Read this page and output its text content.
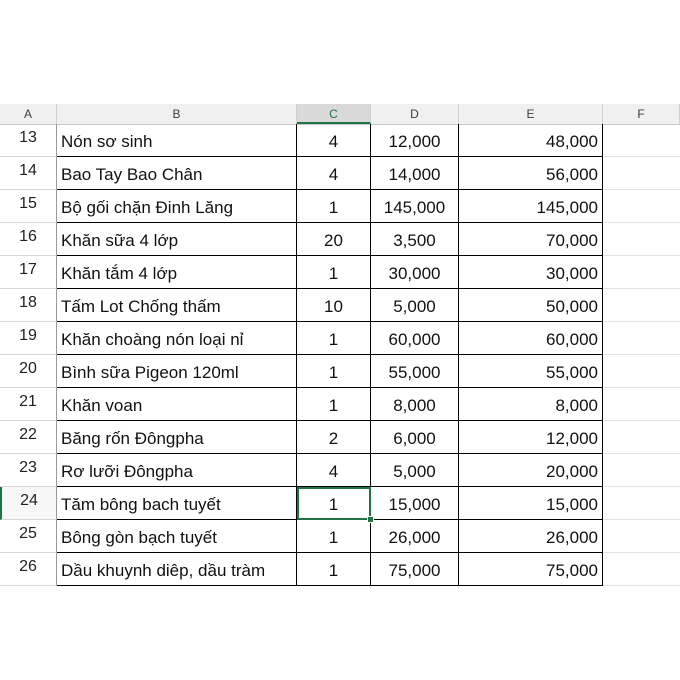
A	B	C	D	E	F
13	Nón sơ sinh	4	12,000	48,000
14	Bao Tay Bao Chân	4	14,000	56,000
15	Bộ gối chặn Đinh Lăng	1	145,000	145,000
16	Khăn sữa 4 lớp	20	3,500	70,000
17	Khăn tắm 4 lớp	1	30,000	30,000
18	Tấm Lot Chống thấm	10	5,000	50,000
19	Khăn choàng nón loại nỉ	1	60,000	60,000
20	Bình sữa Pigeon 120ml	1	55,000	55,000
21	Khăn voan	1	8,000	8,000
22	Băng rốn Đôngpha	2	6,000	12,000
23	Rơ lưỡi Đôngpha	4	5,000	20,000
24	Tăm bông bach tuyết	1	15,000	15,000
25	Bông gòn bạch tuyết	1	26,000	26,000
26	Dầu khuynh diêp, dầu tràm	1	75,000	75,000
